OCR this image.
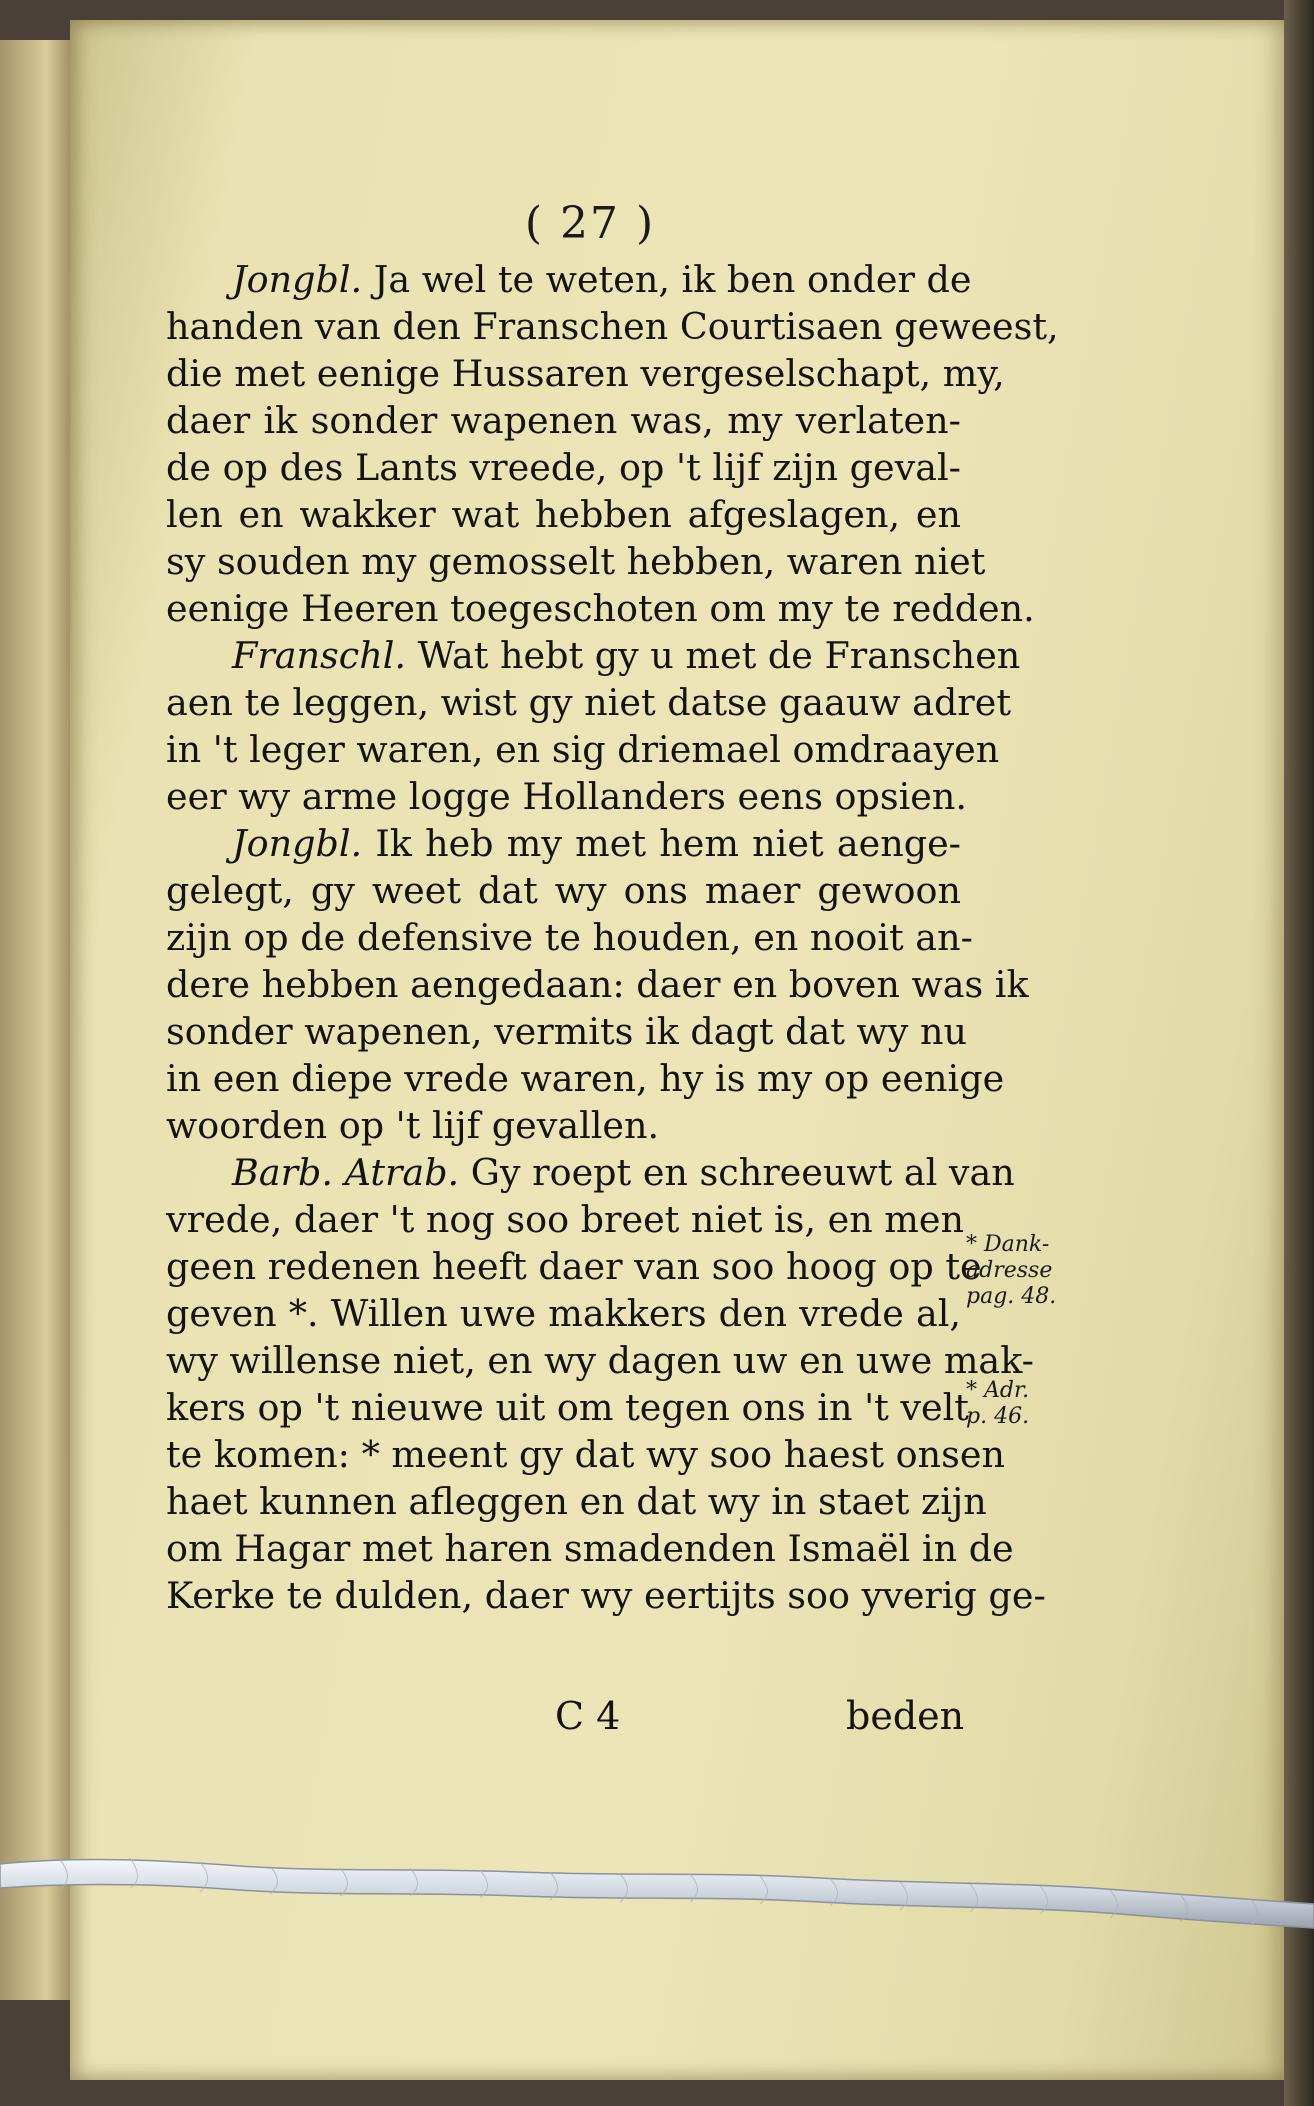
( 27 )
Jongbl. Ja wel te weten, ik ben onder de
handen van den Franschen Courtisaen geweest,
die met eenige Hussaren vergeselschapt, my,
daer ik sonder wapenen was, my verlaten-
de op des Lants vreede, op 't lijf zijn geval-
len en wakker wat hebben afgeslagen, en
sy souden my gemosselt hebben, waren niet
eenige Heeren toegeschoten om my te redden.
Franschl. Wat hebt gy u met de Franschen
aen te leggen, wist gy niet datse gaauw adret
in 't leger waren, en sig driemael omdraayen
eer wy arme logge Hollanders eens opsien.
Jongbl. Ik heb my met hem niet aenge-
gelegt, gy weet dat wy ons maer gewoon
zijn op de defensive te houden, en nooit an-
dere hebben aengedaan: daer en boven was ik
sonder wapenen, vermits ik dagt dat wy nu
in een diepe vrede waren, hy is my op eenige
woorden op 't lijf gevallen.
Barb. Atrab. Gy roept en schreeuwt al van
vrede, daer 't nog soo breet niet is, en men
geen redenen heeft daer van soo hoog op te
geven *. Willen uwe makkers den vrede al,
wy willense niet, en wy dagen uw en uwe mak-
kers op 't nieuwe uit om tegen ons in 't velt
te komen: * meent gy dat wy soo haest onsen
haet kunnen afleggen en dat wy in staet zijn
om Hagar met haren smadenden Ismaël in de
Kerke te dulden, daer wy eertijts soo yverig ge-
* Dank-
adresse
pag. 48.
* Adr.
p. 46.
C 4	beden
